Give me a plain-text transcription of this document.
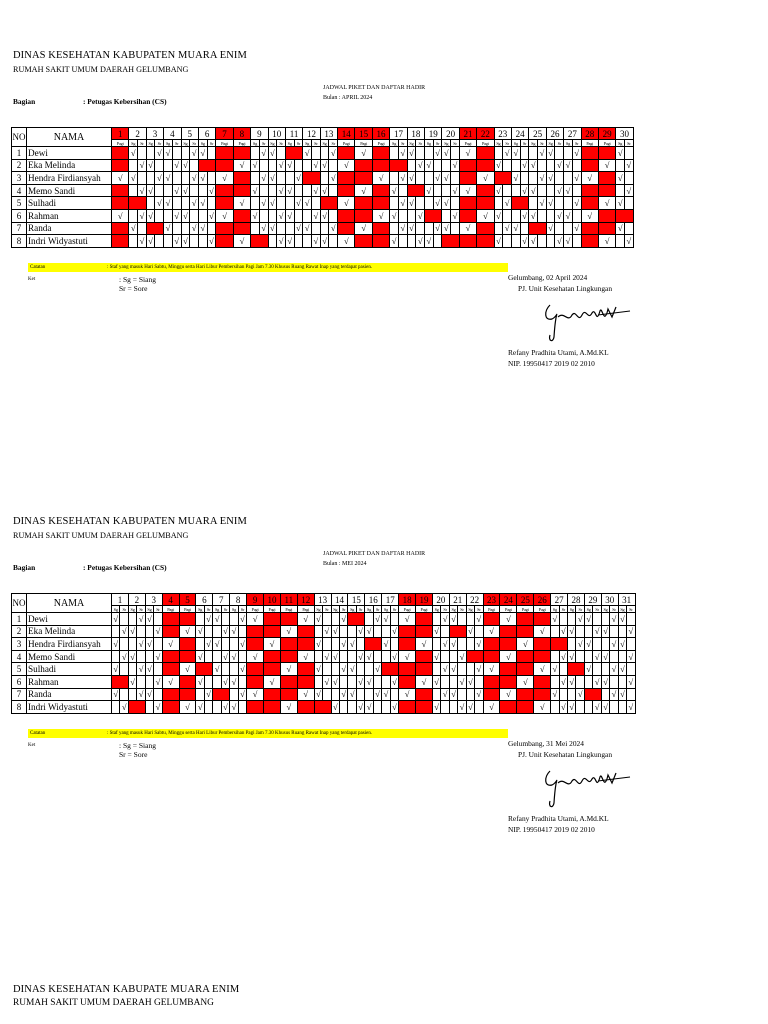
DINAS KESEHATAN KABUPATEN MUARA ENIM
RUMAH SAKIT UMUM DAERAH GELUMBANG
JADWAL PIKET DAN DAFTAR HADIR
Bulan : APRIL 2024
Bagian	: Petugas Kebersihan (CS)
NO	NAMA	1	2		3		4		5		6		7	8	9		10		11		12		13		14	15	16	17		18		19		20		21	22	23		24		25		26		27		28	29	30	
		Pagi	Sg	Sr	Sg	Sr	Sg	Sr	Sg	Sr	Sg	Sr	Pagi	Pagi	Sg	Sr	Sg	Sr	Sg	Sr	Sg	Sr	Sg	Sr	Pagi	Pagi	Pagi	Sg	Sr	Sg	Sr	Sg	Sr	Sg	Sr	Pagi	Pagi	Sg	Sr	Sg	Sr	Sg	Sr	Sg	Sr	Sg	Sr	Pagi	Pagi	Sg	Sr
1	Dewi		√			√	√			√	√					√	√				√			√		√			√	√			√	√		√			√	√			√	√			√			√	
2	Eka Melinda			√	√			√	√					√	√			√	√			√	√		√						√	√			√			√			√	√			√	√			√		√
3	Hendra Firdiansyah	√	√			√	√			√	√		√			√	√			√				√			√		√	√			√	√			√			√			√	√			√	√		√	
4	Memo Sandi			√	√			√	√			√			√			√	√			√	√			√		√				√			√	√		√			√	√			√	√					√
5	Sulhadi					√	√			√	√			√		√	√			√	√				√				√	√			√	√					√				√	√			√		√	√	
6	Rahman	√		√	√			√	√			√	√		√			√	√			√	√				√	√			√				√		√	√			√	√			√	√		√			
7	Randa		√				√			√	√					√	√			√	√			√		√			√	√			√	√		√			√	√				√			√			√	
8	Indri Widyastuti			√	√			√	√			√		√				√	√			√	√		√			√			√	√						√			√	√			√	√			√		√
Catatan	: Staf yang masuk Hari Sabtu, Minggu serta Hari Libur Pembersihan Pagi Jam 7.30 Khusus Ruang Rawat Inap yang terdapat pasien.
Ket	: Sg = Siang
Sr = Sore
Gelumbang, 02 April 2024
PJ. Unit Kesehatan Lingkungan
Refany Pradhita Utami, A.Md.KL
NIP. 19950417 2019 02 2010
DINAS KESEHATAN KABUPATEN MUARA ENIM
RUMAH SAKIT UMUM DAERAH GELUMBANG
JADWAL PIKET DAN DAFTAR HADIR
Bulan : MEI 2024
Bagian	: Petugas Kebersihan (CS)
NO	NAMA	1		2		3		4	5	6		7		8		9	10	11	12	13		14		15		16		17		18	19	20		21		22		23	24	25	26	27		28		29		30		31	
		Sg	Sr	Sg	Sr	Sg	Sr	Pagi	Pagi	Sg	Sr	Sg	Sr	Sg	Sr	Pagi	Pagi	Pagi	Pagi	Sg	Sr	Sg	Sr	Sg	Sr	Sg	Sr	Sg	Sr	Pagi	Pagi	Sg	Sr	Sg	Sr	Sg	Sr	Pagi	Pagi	Pagi	Pagi	Sg	Sr	Sg	Sr	Sg	Sr	Sg	Sr	Sg	Sr
1	Dewi	√			√	√					√	√			√	√			√	√			√				√	√		√			√	√			√		√			√			√	√			√	√	
2	Eka Melinda		√	√			√		√	√			√	√				√			√	√			√	√			√			√				√		√			√		√	√			√	√			√
3	Hendra Firdiansyah	√			√	√		√			√	√			√		√			√			√	√				√			√		√	√			√			√					√	√			√	√	
4	Memo Sandi		√	√			√			√			√	√		√			√		√	√			√	√			√	√		√			√				√				√	√			√	√			√
5	Sulhadi	√			√	√			√			√			√			√		√			√	√			√						√	√			√	√			√	√				√			√	√	
6	Rahman			√			√	√		√			√	√			√				√	√			√	√			√		√	√			√	√				√			√	√			√	√			√
7	Randa	√			√	√					√				√	√			√	√			√	√			√	√		√			√	√			√		√			√			√				√	√	
8	Indri Widyastuti		√				√		√	√			√	√				√				√			√	√			√			√			√	√		√			√		√	√			√	√			√
Catatan	: Staf yang masuk Hari Sabtu, Minggu serta Hari Libur Pembersihan Pagi Jam 7.30 Khusus Ruang Rawat Inap yang terdapat pasien.
Ket	: Sg = Siang
Sr = Sore
Gelumbang, 31 Mei 2024
PJ. Unit Kesehatan Lingkungan
Refany Pradhita Utami, A.Md.KL
NIP. 19950417 2019 02 2010
DINAS KESEHATAN KABUPATE MUARA ENIM
RUMAH SAKIT UMUM DAERAH GELUMBANG
